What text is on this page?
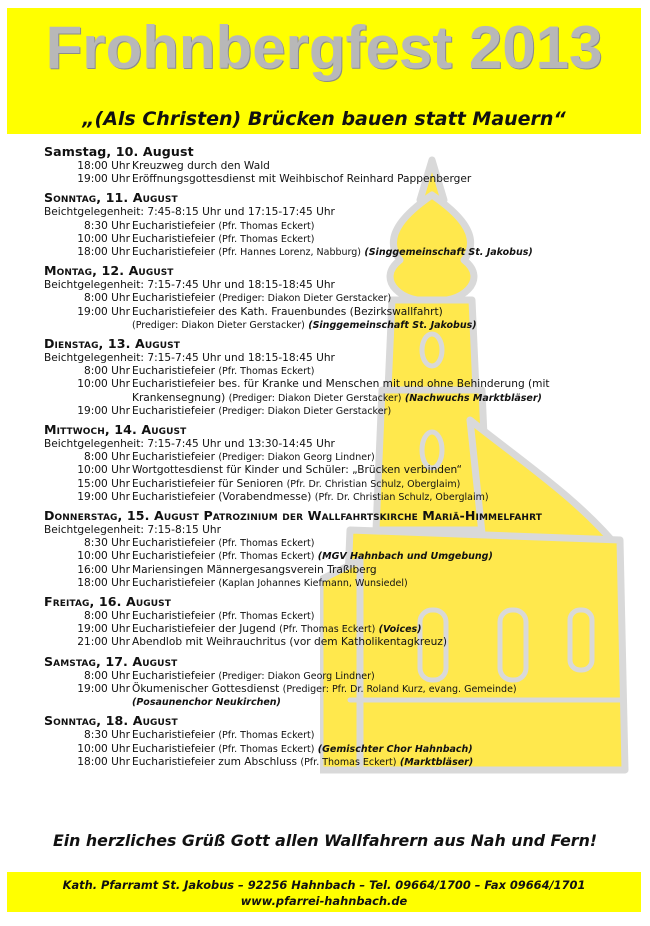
Frohnbergfest 2013
„(Als Christen) Brücken bauen statt Mauern“
Samstag, 10. August
18:00 Uhr Kreuzweg durch den Wald
19:00 Uhr Eröffnungsgottesdienst mit Weihbischof Reinhard Pappenberger
Sonntag, 11. August
Beichtgelegenheit: 7:45-8:15 Uhr und 17:15-17:45 Uhr
8:30 Uhr Eucharistiefeier (Pfr. Thomas Eckert)
10:00 Uhr Eucharistiefeier (Pfr. Thomas Eckert)
18:00 Uhr Eucharistiefeier (Pfr. Hannes Lorenz, Nabburg) (Singgemeinschaft St. Jakobus)
Montag, 12. August
Beichtgelegenheit: 7:15-7:45 Uhr und 18:15-18:45 Uhr
8:00 Uhr Eucharistiefeier (Prediger: Diakon Dieter Gerstacker)
19:00 Uhr Eucharistiefeier des Kath. Frauenbundes (Bezirkswallfahrt)
(Prediger: Diakon Dieter Gerstacker) (Singgemeinschaft St. Jakobus)
Dienstag, 13. August
Beichtgelegenheit: 7:15-7:45 Uhr und 18:15-18:45 Uhr
8:00 Uhr Eucharistiefeier (Pfr. Thomas Eckert)
10:00 Uhr Eucharistiefeier bes. für Kranke und Menschen mit und ohne Behinderung (mit Krankensegnung) (Prediger: Diakon Dieter Gerstacker) (Nachwuchs Marktbläser)
19:00 Uhr Eucharistiefeier (Prediger: Diakon Dieter Gerstacker)
Mittwoch, 14. August
Beichtgelegenheit: 7:15-7:45 Uhr und 13:30-14:45 Uhr
8:00 Uhr Eucharistiefeier (Prediger: Diakon Georg Lindner)
10:00 Uhr Wortgottesdienst für Kinder und Schüler: „Brücken verbinden“
15:00 Uhr Eucharistiefeier für Senioren (Pfr. Dr. Christian Schulz, Oberglaim)
19:00 Uhr Eucharistiefeier (Vorabendmesse) (Pfr. Dr. Christian Schulz, Oberglaim)
Donnerstag, 15. August Patrozinium der Wallfahrtskirche Mariä-Himmelfahrt
Beichtgelegenheit: 7:15-8:15 Uhr
8:30 Uhr Eucharistiefeier (Pfr. Thomas Eckert)
10:00 Uhr Eucharistiefeier (Pfr. Thomas Eckert) (MGV Hahnbach und Umgebung)
16:00 Uhr Mariensingen Männergesangsverein Traßlberg
18:00 Uhr Eucharistiefeier (Kaplan Johannes Kiefmann, Wunsiedel)
Freitag, 16. August
8:00 Uhr Eucharistiefeier (Pfr. Thomas Eckert)
19:00 Uhr Eucharistiefeier der Jugend (Pfr. Thomas Eckert) (Voices)
21:00 Uhr Abendlob mit Weihrauchritus (vor dem Katholikentagkreuz)
Samstag, 17. August
8:00 Uhr Eucharistiefeier (Prediger: Diakon Georg Lindner)
19:00 Uhr Ökumenischer Gottesdienst (Prediger: Pfr. Dr. Roland Kurz, evang. Gemeinde)
(Posaunenchor Neukirchen)
Sonntag, 18. August
8:30 Uhr Eucharistiefeier (Pfr. Thomas Eckert)
10:00 Uhr Eucharistiefeier (Pfr. Thomas Eckert) (Gemischter Chor Hahnbach)
18:00 Uhr Eucharistiefeier zum Abschluss (Pfr. Thomas Eckert) (Marktbläser)
Ein herzliches Grüß Gott allen Wallfahrern aus Nah und Fern!
Kath. Pfarramt St. Jakobus – 92256 Hahnbach – Tel. 09664/1700 – Fax 09664/1701
www.pfarrei-hahnbach.de
